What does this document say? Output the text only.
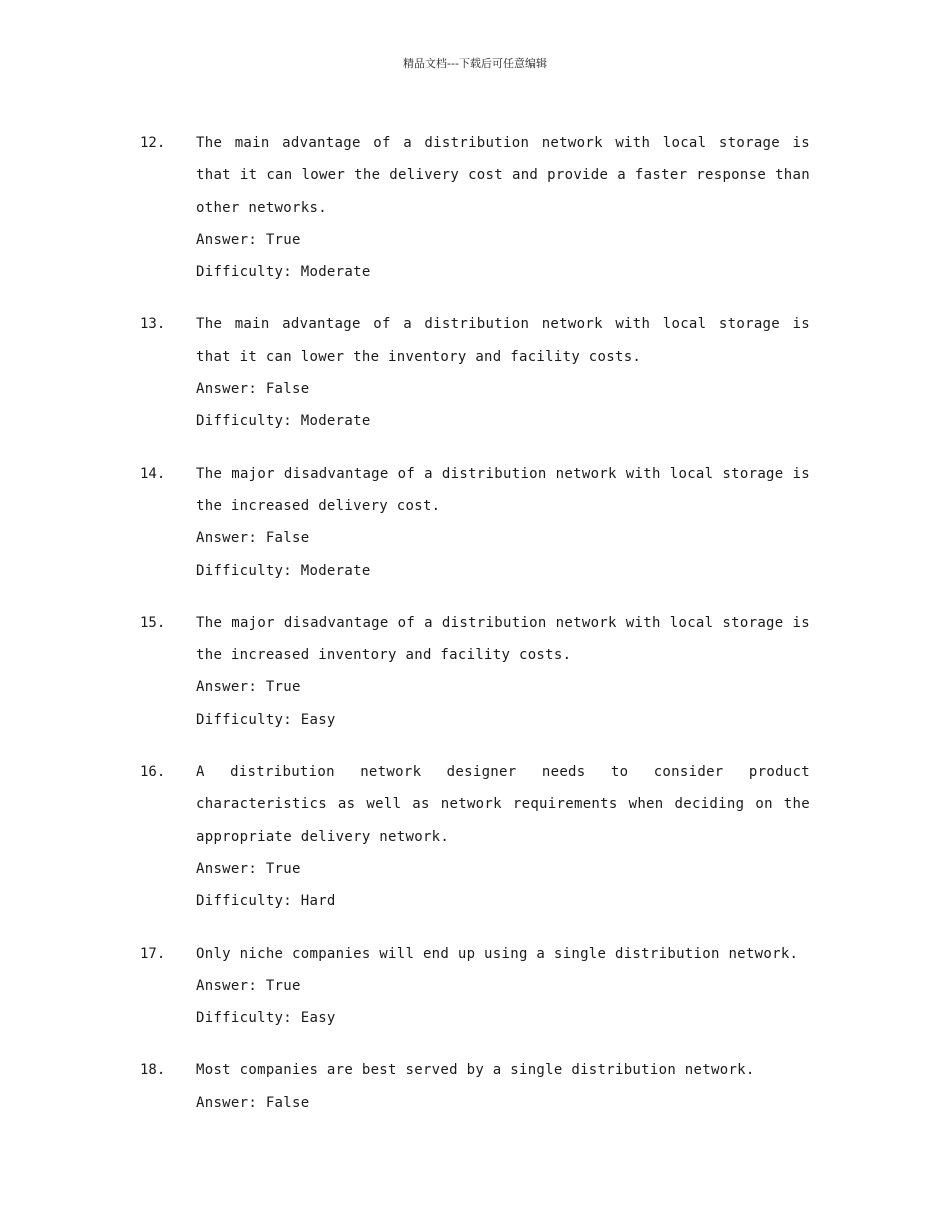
精品文档---下载后可任意编辑
12.	The main advantage of a distribution network with local storage is that it can lower the delivery cost and provide a faster response than other networks.
Answer: True
Difficulty: Moderate
13.	The main advantage of a distribution network with local storage is that it can lower the inventory and facility costs.
Answer: False
Difficulty: Moderate
14.	The major disadvantage of a distribution network with local storage is the increased delivery cost.
Answer: False
Difficulty: Moderate
15.	The major disadvantage of a distribution network with local storage is the increased inventory and facility costs.
Answer: True
Difficulty: Easy
16.	A distribution network designer needs to consider product characteristics as well as network requirements when deciding on the appropriate delivery network.
Answer: True
Difficulty: Hard
17.	Only niche companies will end up using a single distribution network.
Answer: True
Difficulty: Easy
18.	Most companies are best served by a single distribution network.
Answer: False
